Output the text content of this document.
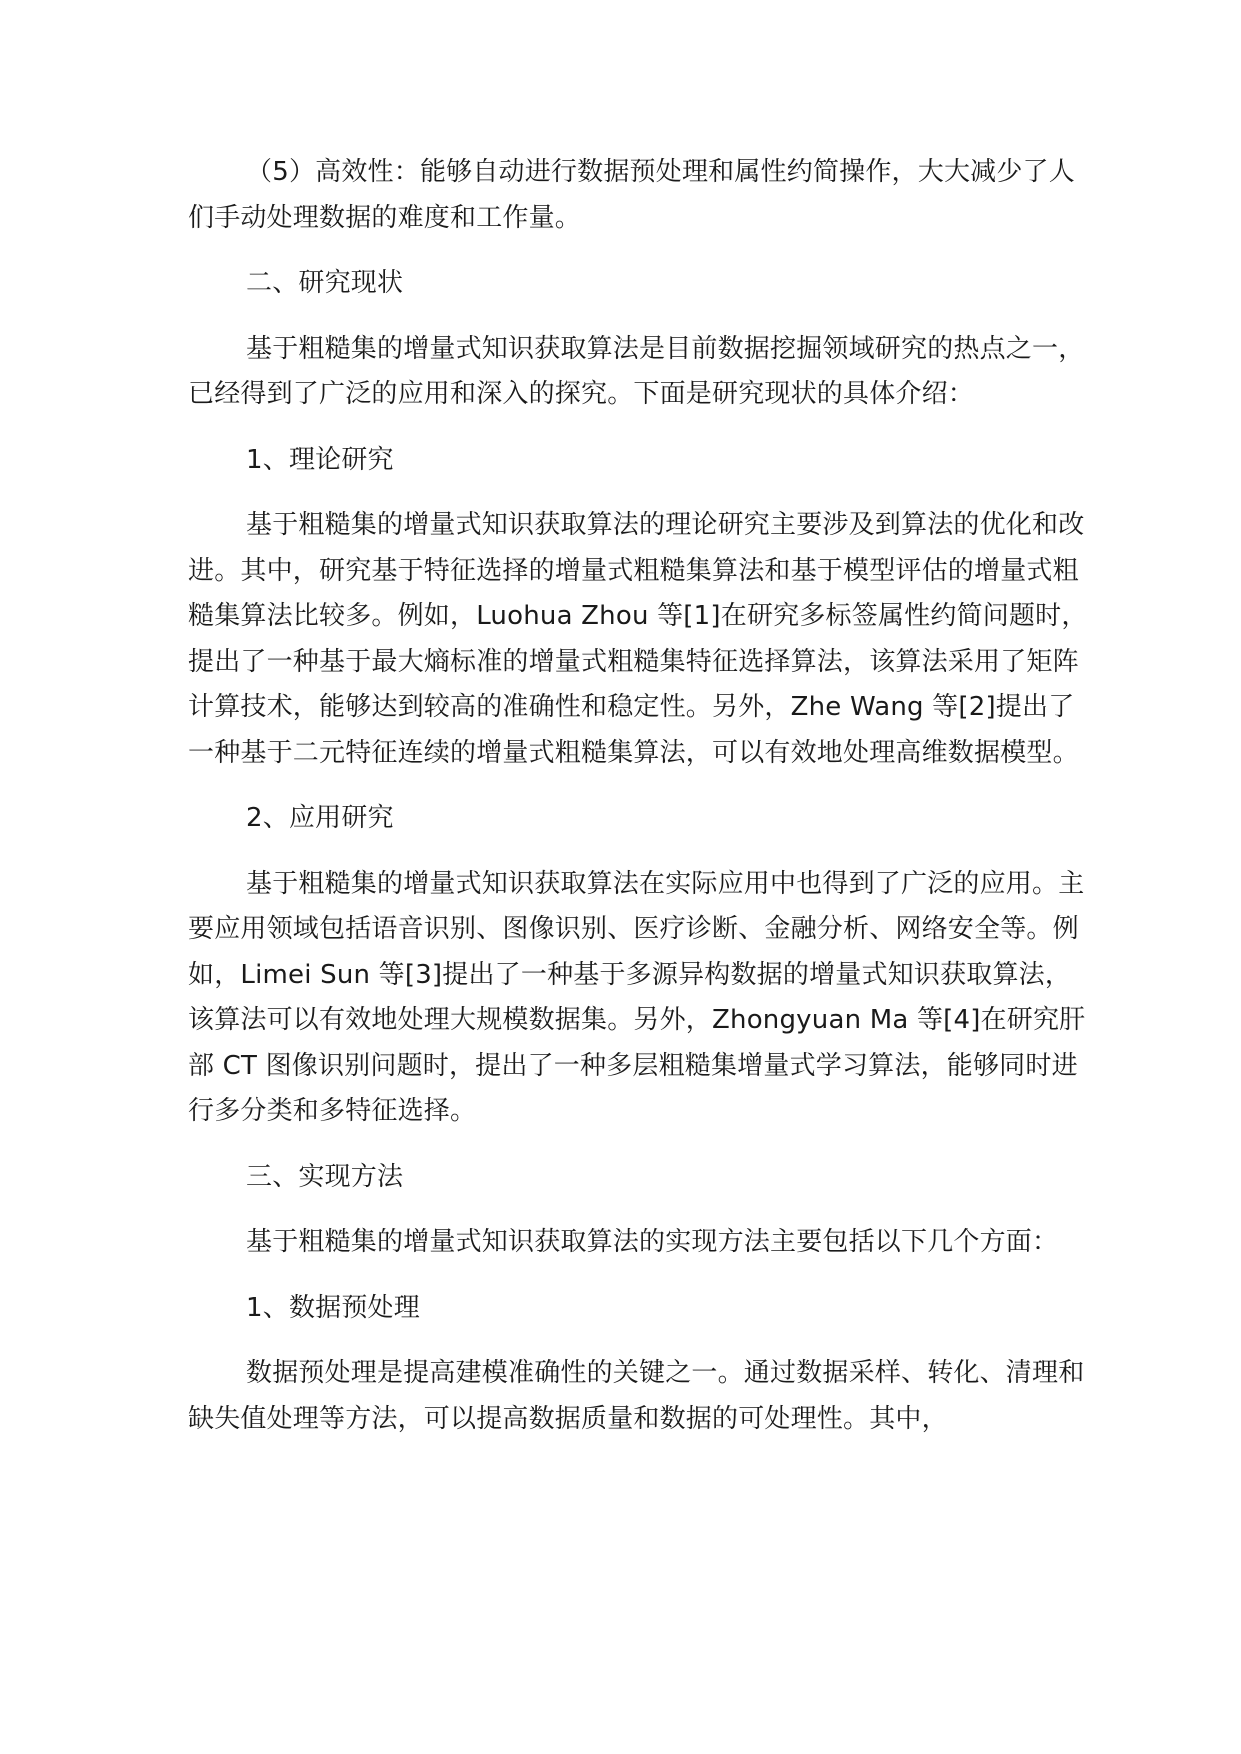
（5）高效性：能够自动进行数据预处理和属性约简操作，大大减少了人们手动处理数据的难度和工作量。

二、研究现状

基于粗糙集的增量式知识获取算法是目前数据挖掘领域研究的热点之一，已经得到了广泛的应用和深入的探究。下面是研究现状的具体介绍：

1、理论研究

基于粗糙集的增量式知识获取算法的理论研究主要涉及到算法的优化和改进。其中，研究基于特征选择的增量式粗糙集算法和基于模型评估的增量式粗糙集算法比较多。例如，Luohua Zhou 等[1]在研究多标签属性约简问题时，提出了一种基于最大熵标准的增量式粗糙集特征选择算法，该算法采用了矩阵计算技术，能够达到较高的准确性和稳定性。另外，Zhe Wang 等[2]提出了一种基于二元特征连续的增量式粗糙集算法，可以有效地处理高维数据模型。

2、应用研究

基于粗糙集的增量式知识获取算法在实际应用中也得到了广泛的应用。主要应用领域包括语音识别、图像识别、医疗诊断、金融分析、网络安全等。例如，Limei Sun 等[3]提出了一种基于多源异构数据的增量式知识获取算法，该算法可以有效地处理大规模数据集。另外，Zhongyuan Ma 等[4]在研究肝部 CT 图像识别问题时，提出了一种多层粗糙集增量式学习算法，能够同时进行多分类和多特征选择。

三、实现方法

基于粗糙集的增量式知识获取算法的实现方法主要包括以下几个方面：

1、数据预处理

数据预处理是提高建模准确性的关键之一。通过数据采样、转化、清理和缺失值处理等方法，可以提高数据质量和数据的可处理性。其中，
